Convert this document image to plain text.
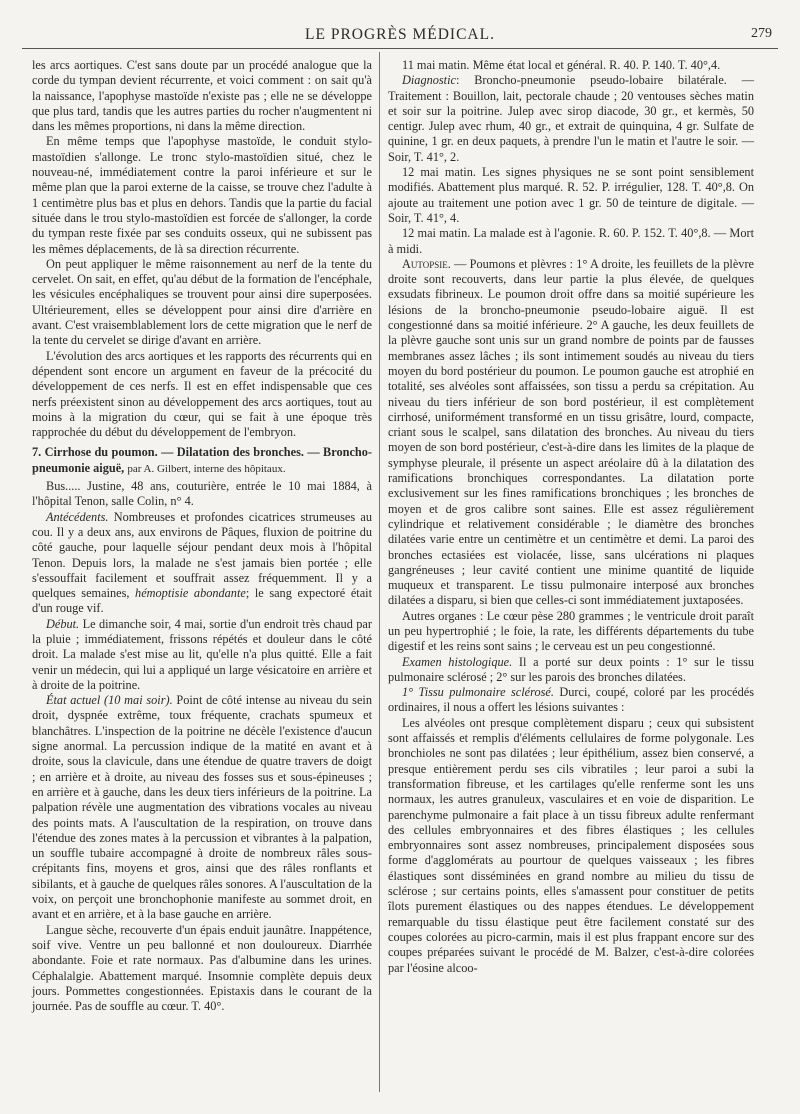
LE PROGRÈS MÉDICAL.	279

les arcs aortiques. C'est sans doute par un procédé analogue que la corde du tympan devient récurrente, et voici comment : on sait qu'à la naissance, l'apophyse mastoïde n'existe pas ; elle ne se développe que plus tard, tandis que les autres parties du rocher n'augmentent ni dans les mêmes proportions, ni dans la même direction.

En même temps que l'apophyse mastoïde, le conduit stylo-mastoïdien s'allonge. Le tronc stylo-mastoïdien situé, chez le nouveau-né, immédiatement contre la paroi inférieure et sur le même plan que la paroi externe de la caisse, se trouve chez l'adulte à 1 centimètre plus bas et plus en dehors. Tandis que la partie du facial située dans le trou stylo-mastoïdien est forcée de s'allonger, la corde du tympan reste fixée par ses conduits osseux, qui ne subissent pas les mêmes déplacements, de là sa direction récurrente.

On peut appliquer le même raisonnement au nerf de la tente du cervelet. On sait, en effet, qu'au début de la formation de l'encéphale, les vésicules encéphaliques se trouvent pour ainsi dire superposées. Ultérieurement, elles se développent pour ainsi dire d'arrière en avant. C'est vraisemblablement lors de cette migration que le nerf de la tente du cervelet se dirige d'avant en arrière.

L'évolution des arcs aortiques et les rapports des récurrents qui en dépendent sont encore un argument en faveur de la précocité du développement de ces nerfs. Il est en effet indispensable que ces nerfs préexistent sinon au développement des arcs aortiques, tout au moins à la migration du cœur, qui se fait à une époque très rapprochée du début du développement de l'embryon.

7. Cirrhose du poumon. — Dilatation des bronches. — Broncho-pneumonie aiguë, par A. Gilbert, interne des hôpitaux.

Bus..... Justine, 48 ans, couturière, entrée le 10 mai 1884, à l'hôpital Tenon, salle Colin, n° 4.

Antécédents. Nombreuses et profondes cicatrices strumeuses au cou. Il y a deux ans, aux environs de Pâques, fluxion de poitrine du côté gauche, pour laquelle séjour pendant deux mois à l'hôpital Tenon. Depuis lors, la malade ne s'est jamais bien portée ; elle s'essouffait facilement et souffrait assez fréquemment. Il y a quelques semaines, hémoptisie abondante; le sang expectoré était d'un rouge vif.

Début. Le dimanche soir, 4 mai, sortie d'un endroit très chaud par la pluie ; immédiatement, frissons répétés et douleur dans le côté droit. La malade s'est mise au lit, qu'elle n'a plus quitté. Elle a fait venir un médecin, qui lui a appliqué un large vésicatoire en arrière et à droite de la poitrine.

État actuel (10 mai soir). Point de côté intense au niveau du sein droit, dyspnée extrême, toux fréquente, crachats spumeux et blanchâtres. L'inspection de la poitrine ne décèle l'existence d'aucun signe anormal. La percussion indique de la matité en avant et à droite, sous la clavicule, dans une étendue de quatre travers de doigt ; en arrière et à droite, au niveau des fosses sus et sous-épineuses ; en arrière et à gauche, dans les deux tiers inférieurs de la poitrine. La palpation révèle une augmentation des vibrations vocales au niveau des points mats. A l'auscultation de la respiration, on trouve dans l'étendue des zones mates à la percussion et vibrantes à la palpation, un souffle tubaire accompagné à droite de nombreux râles sous-crépitants fins, moyens et gros, ainsi que des râles ronflants et sibilants, et à gauche de quelques râles sonores. A l'auscultation de la voix, on perçoit une bronchophonie manifeste au sommet droit, en avant et en arrière, et à la base gauche en arrière.

Langue sèche, recouverte d'un épais enduit jaunâtre. Inappétence, soif vive. Ventre un peu ballonné et non douloureux. Diarrhée abondante. Foie et rate normaux. Pas d'albumine dans les urines. Céphalalgie. Abattement marqué. Insomnie complète depuis deux jours. Pommettes congestionnées. Epistaxis dans le courant de la journée. Pas de souffle au cœur. T. 40°.

11 mai matin. Même état local et général. R. 40. P. 140. T. 40°,4.

Diagnostic: Broncho-pneumonie pseudo-lobaire bilatérale. — Traitement : Bouillon, lait, pectorale chaude ; 20 ventouses sèches matin et soir sur la poitrine. Julep avec sirop diacode, 30 gr., et kermès, 50 centigr. Julep avec rhum, 40 gr., et extrait de quinquina, 4 gr. Sulfate de quinine, 1 gr. en deux paquets, à prendre l'un le matin et l'autre le soir. — Soir, T. 41°, 2.

12 mai matin. Les signes physiques ne se sont point sensiblement modifiés. Abattement plus marqué. R. 52. P. irrégulier, 128. T. 40°,8. On ajoute au traitement une potion avec 1 gr. 50 de teinture de digitale. — Soir, T. 41°, 4.

12 mai matin. La malade est à l'agonie. R. 60. P. 152. T. 40°,8. — Mort à midi.

Autopsie. — Poumons et plèvres : 1° A droite, les feuillets de la plèvre droite sont recouverts, dans leur partie la plus élevée, de quelques exsudats fibrineux. Le poumon droit offre dans sa moitié supérieure les lésions de la broncho-pneumonie pseudo-lobaire aiguë. Il est congestionné dans sa moitié inférieure. 2° A gauche, les deux feuillets de la plèvre gauche sont unis sur un grand nombre de points par de fausses membranes assez lâches ; ils sont intimement soudés au niveau du tiers moyen du bord postérieur du poumon. Le poumon gauche est atrophié en totalité, ses alvéoles sont affaissées, son tissu a perdu sa crépitation. Au niveau du tiers inférieur de son bord postérieur, il est complètement cirrhosé, uniformément transformé en un tissu grisâtre, lourd, compacte, criant sous le scalpel, sans dilatation des bronches. Au niveau du tiers moyen de son bord postérieur, c'est-à-dire dans les limites de la plaque de symphyse pleurale, il présente un aspect aréolaire dû à la dilatation des ramifications bronchiques correspondantes. La dilatation porte exclusivement sur les fines ramifications bronchiques ; les bronches de moyen et de gros calibre sont saines. Elle est assez régulièrement cylindrique et relativement considérable ; le diamètre des bronches dilatées varie entre un centimètre et un centimètre et demi. La paroi des bronches ectasiées est violacée, lisse, sans ulcérations ni plaques gangréneuses ; leur cavité contient une minime quantité de liquide muqueux et transparent. Le tissu pulmonaire interposé aux bronches dilatées a disparu, si bien que celles-ci sont immédiatement juxtaposées.

Autres organes : Le cœur pèse 280 grammes ; le ventricule droit paraît un peu hypertrophié ; le foie, la rate, les différents départements du tube digestif et les reins sont sains ; le cerveau est un peu congestionné.

Examen histologique. Il a porté sur deux points : 1° sur le tissu pulmonaire sclérosé ; 2° sur les parois des bronches dilatées.

1° Tissu pulmonaire sclérosé. Durci, coupé, coloré par les procédés ordinaires, il nous a offert les lésions suivantes :

Les alvéoles ont presque complètement disparu ; ceux qui subsistent sont affaissés et remplis d'éléments cellulaires de forme polygonale. Les bronchioles ne sont pas dilatées ; leur épithélium, assez bien conservé, a presque entièrement perdu ses cils vibratiles ; leur paroi a subi la transformation fibreuse, et les cartilages qu'elle renferme sont les uns normaux, les autres granuleux, vasculaires et en voie de disparition. Le parenchyme pulmonaire a fait place à un tissu fibreux adulte renfermant des cellules embryonnaires et des fibres élastiques ; les cellules embryonnaires sont assez nombreuses, principalement disposées sous forme d'agglomérats au pourtour de quelques vaisseaux ; les fibres élastiques sont disséminées en grand nombre au milieu du tissu de sclérose ; sur certains points, elles s'amassent pour constituer de petits îlots purement élastiques ou des nappes étendues. Le développement remarquable du tissu élastique peut être facilement constaté sur des coupes colorées au picro-carmin, mais il est plus frappant encore sur des coupes préparées suivant le procédé de M. Balzer, c'est-à-dire colorées par l'éosine alcoo-
